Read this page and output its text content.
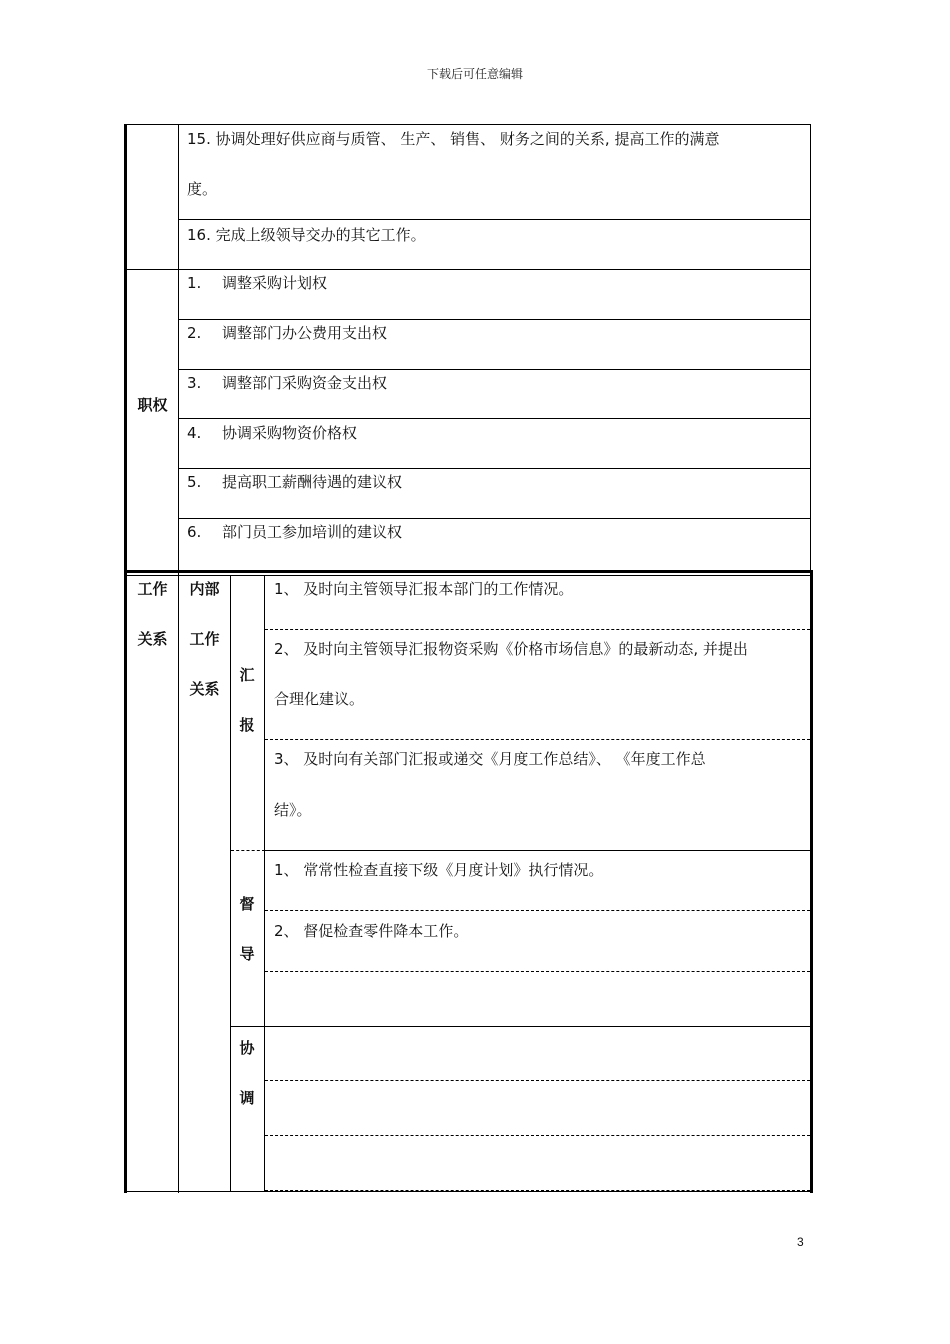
下载后可任意编辑
15. 协调处理好供应商与质管、 生产、 销售、 财务之间的关系, 提高工作的满意
度。
16. 完成上级领导交办的其它工作。
职权
1. 调整采购计划权
2. 调整部门办公费用支出权
3. 调整部门采购资金支出权
4. 协调采购物资价格权
5. 提高职工薪酬待遇的建议权
6. 部门员工参加培训的建议权
工作
关系
内部
工作
关系
汇
报
1、 及时向主管领导汇报本部门的工作情况。
2、 及时向主管领导汇报物资采购《价格市场信息》的最新动态, 并提出
合理化建议。
3、 及时向有关部门汇报或递交《月度工作总结》、 《年度工作总
结》。
督
导
1、 常常性检查直接下级《月度计划》执行情况。
2、 督促检查零件降本工作。
协
调
3
